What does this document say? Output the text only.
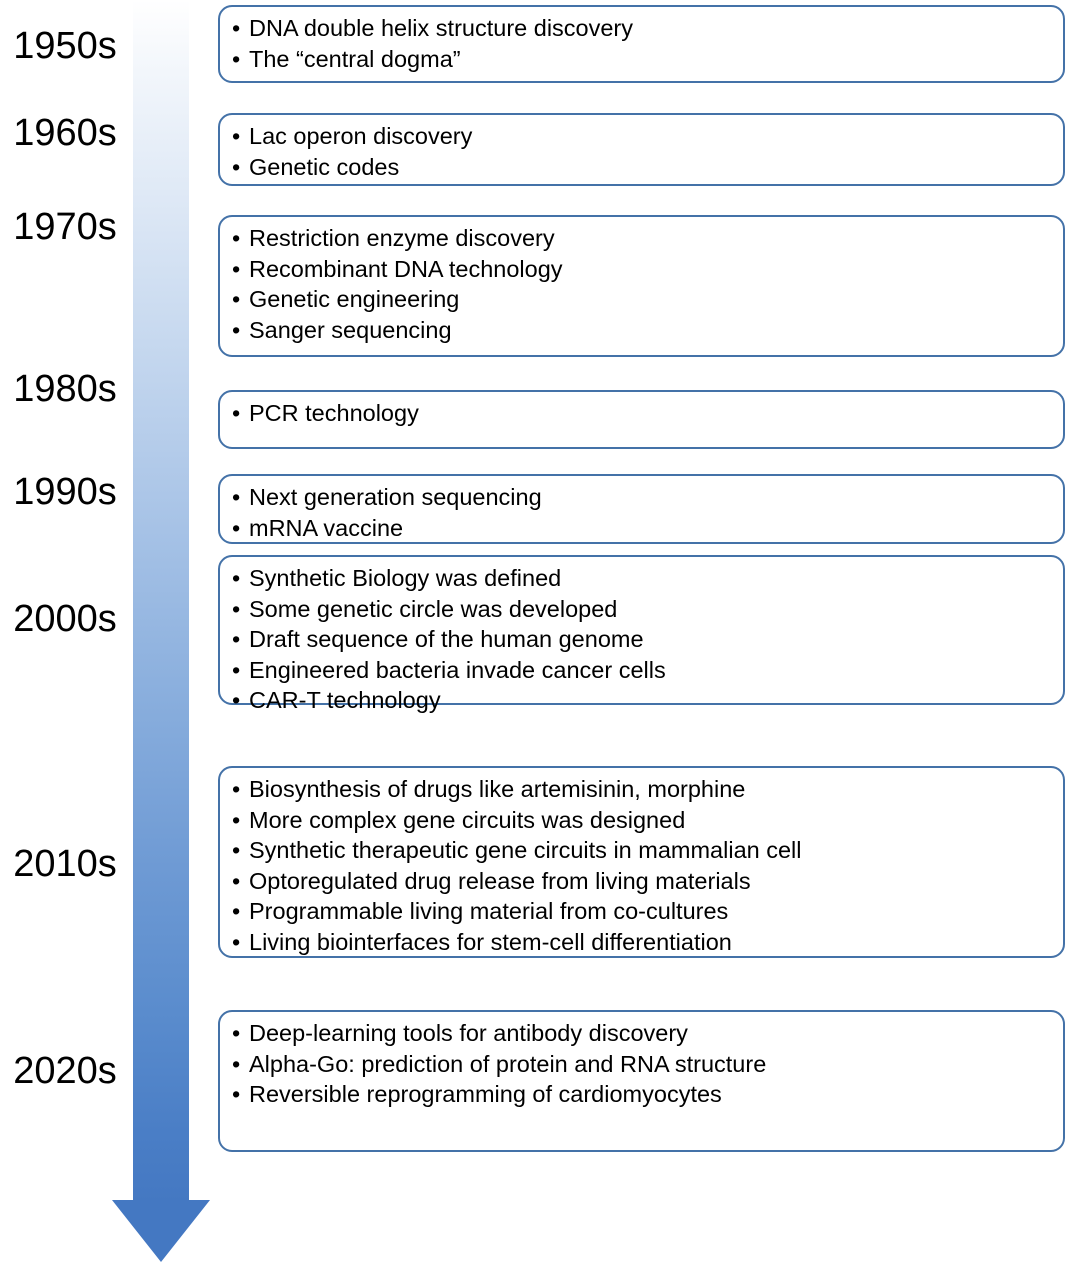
1950s	• DNA double helix structure discovery
• The “central dogma”
1960s	• Lac operon discovery
• Genetic codes
1970s	• Restriction enzyme discovery
• Recombinant DNA technology
• Genetic engineering
• Sanger sequencing
1980s
• PCR technology
1990s	• Next generation sequencing
• mRNA vaccine
2000s
• Synthetic Biology was defined
• Some genetic circle was developed
• Draft sequence of the human genome
• Engineered bacteria invade cancer cells
• CAR-T technology
2010s
• Biosynthesis of drugs like artemisinin, morphine
• More complex gene circuits was designed
• Synthetic therapeutic gene circuits in mammalian cell
• Optoregulated drug release from living materials
• Programmable living material from co-cultures
• Living biointerfaces for stem-cell differentiation
2020s
• Deep-learning tools for antibody discovery
• Alpha-Go: prediction of protein and RNA structure
• Reversible reprogramming of cardiomyocytes
